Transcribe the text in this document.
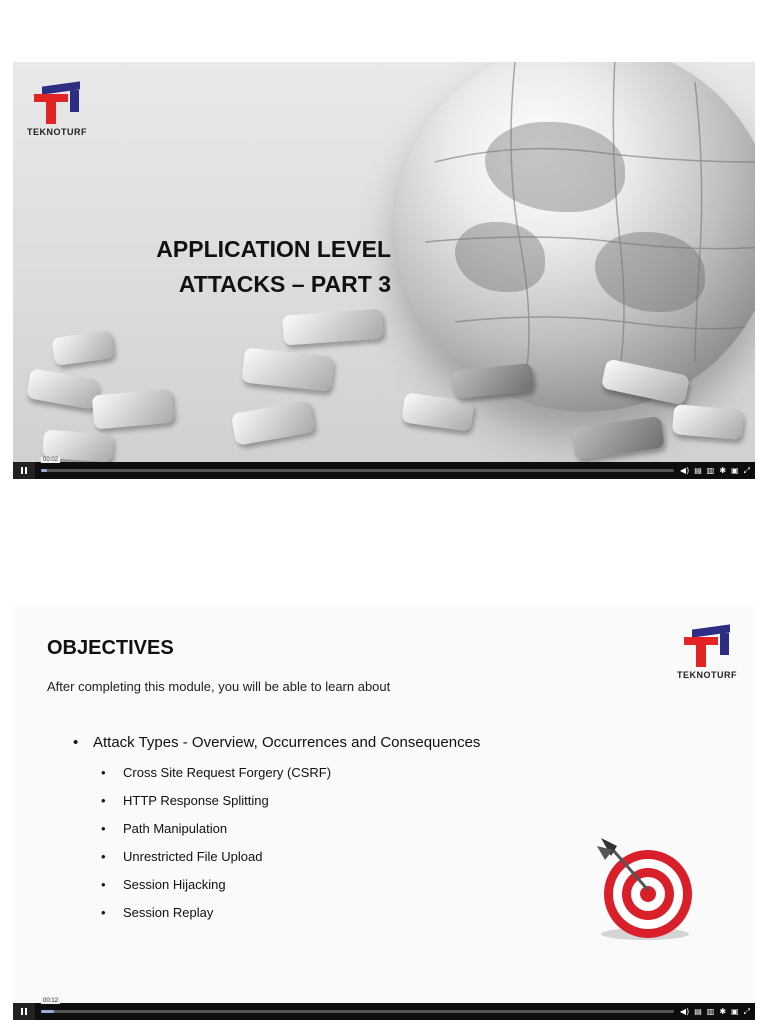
TEKNOTURF
APPLICATION LEVEL
ATTACKS – PART 3
00:02
◀) ▤ ▥ ✱ ▣ ⤢
OBJECTIVES
After completing this module, you will be able to learn about
TEKNOTURF
• Attack Types - Overview, Occurrences and Consequences
• Cross Site Request Forgery (CSRF)
• HTTP Response Splitting
• Path Manipulation
• Unrestricted File Upload
• Session Hijacking
• Session Replay
00:12
◀) ▤ ▥ ✱ ▣ ⤢
